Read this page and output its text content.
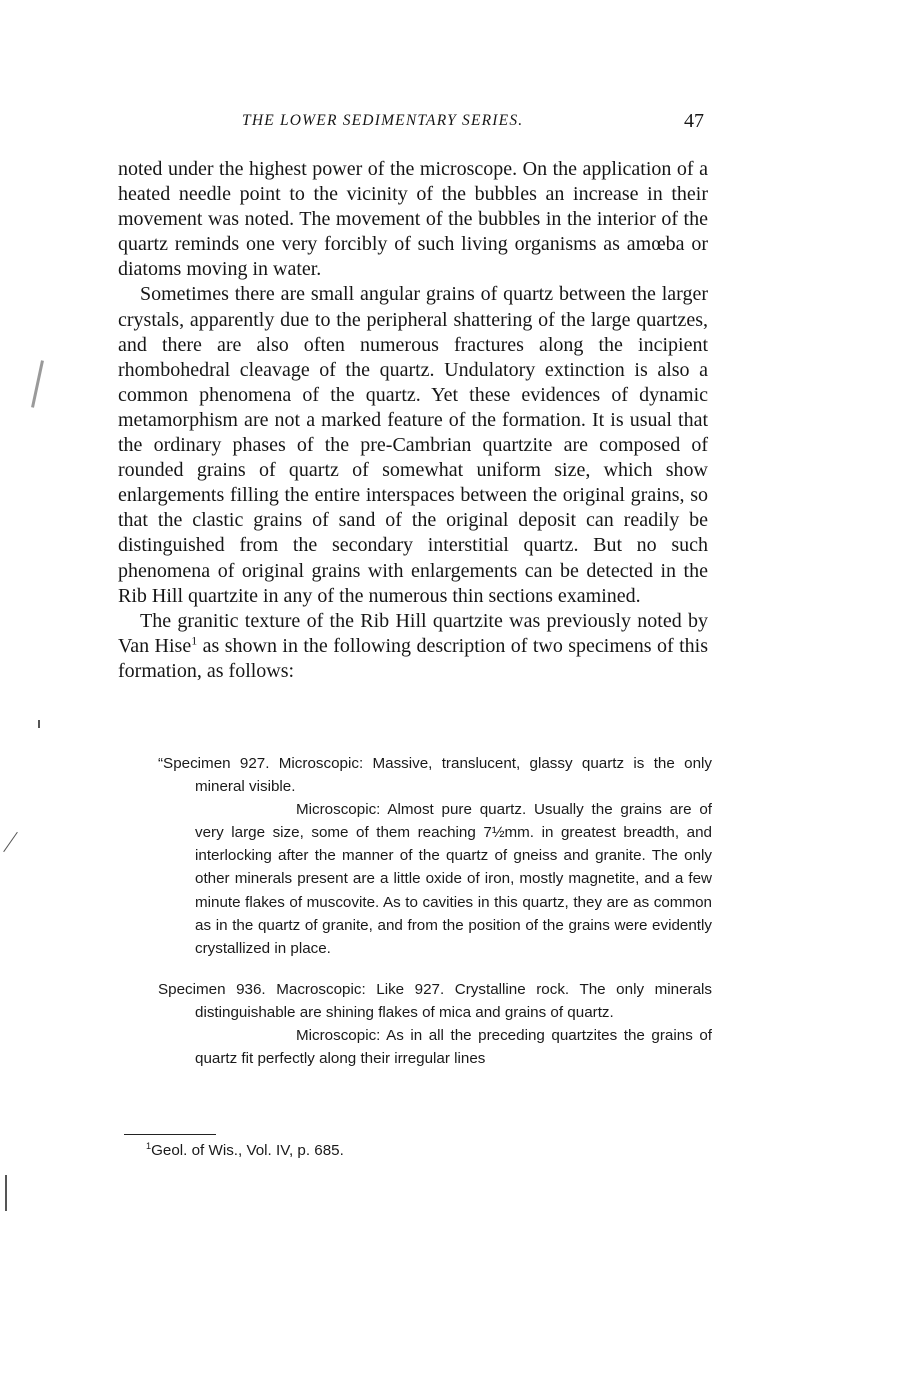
THE LOWER SEDIMENTARY SERIES.	47

noted under the highest power of the microscope. On the application of a heated needle point to the vicinity of the bubbles an increase in their movement was noted. The movement of the bubbles in the interior of the quartz reminds one very forcibly of such living organisms as amœba or diatoms moving in water.

Sometimes there are small angular grains of quartz between the larger crystals, apparently due to the peripheral shattering of the large quartzes, and there are also often numerous fractures along the incipient rhombohedral cleavage of the quartz. Undulatory extinction is also a common phenomena of the quartz. Yet these evidences of dynamic metamorphism are not a marked feature of the formation. It is usual that the ordinary phases of the pre-Cambrian quartzite are composed of rounded grains of quartz of somewhat uniform size, which show enlargements filling the entire interspaces between the original grains, so that the clastic grains of sand of the original deposit can readily be distinguished from the secondary interstitial quartz. But no such phenomena of original grains with enlargements can be detected in the Rib Hill quartzite in any of the numerous thin sections examined.

The granitic texture of the Rib Hill quartzite was previously noted by Van Hise$^1$ as shown in the following description of two specimens of this formation, as follows:

“Specimen 927. Microscopic: Massive, translucent, glassy quartz is the only mineral visible.

Microscopic: Almost pure quartz. Usually the grains are of very large size, some of them reaching 7½mm. in greatest breadth, and interlocking after the manner of the quartz of gneiss and granite. The only other minerals present are a little oxide of iron, mostly magnetite, and a few minute flakes of muscovite. As to cavities in this quartz, they are as common as in the quartz of granite, and from the position of the grains were evidently crystallized in place.

Specimen 936. Macroscopic: Like 927. Crystalline rock. The only minerals distinguishable are shining flakes of mica and grains of quartz.

Microscopic: As in all the preceding quartzites the grains of quartz fit perfectly along their irregular lines

$^1$Geol. of Wis., Vol. IV, p. 685.
